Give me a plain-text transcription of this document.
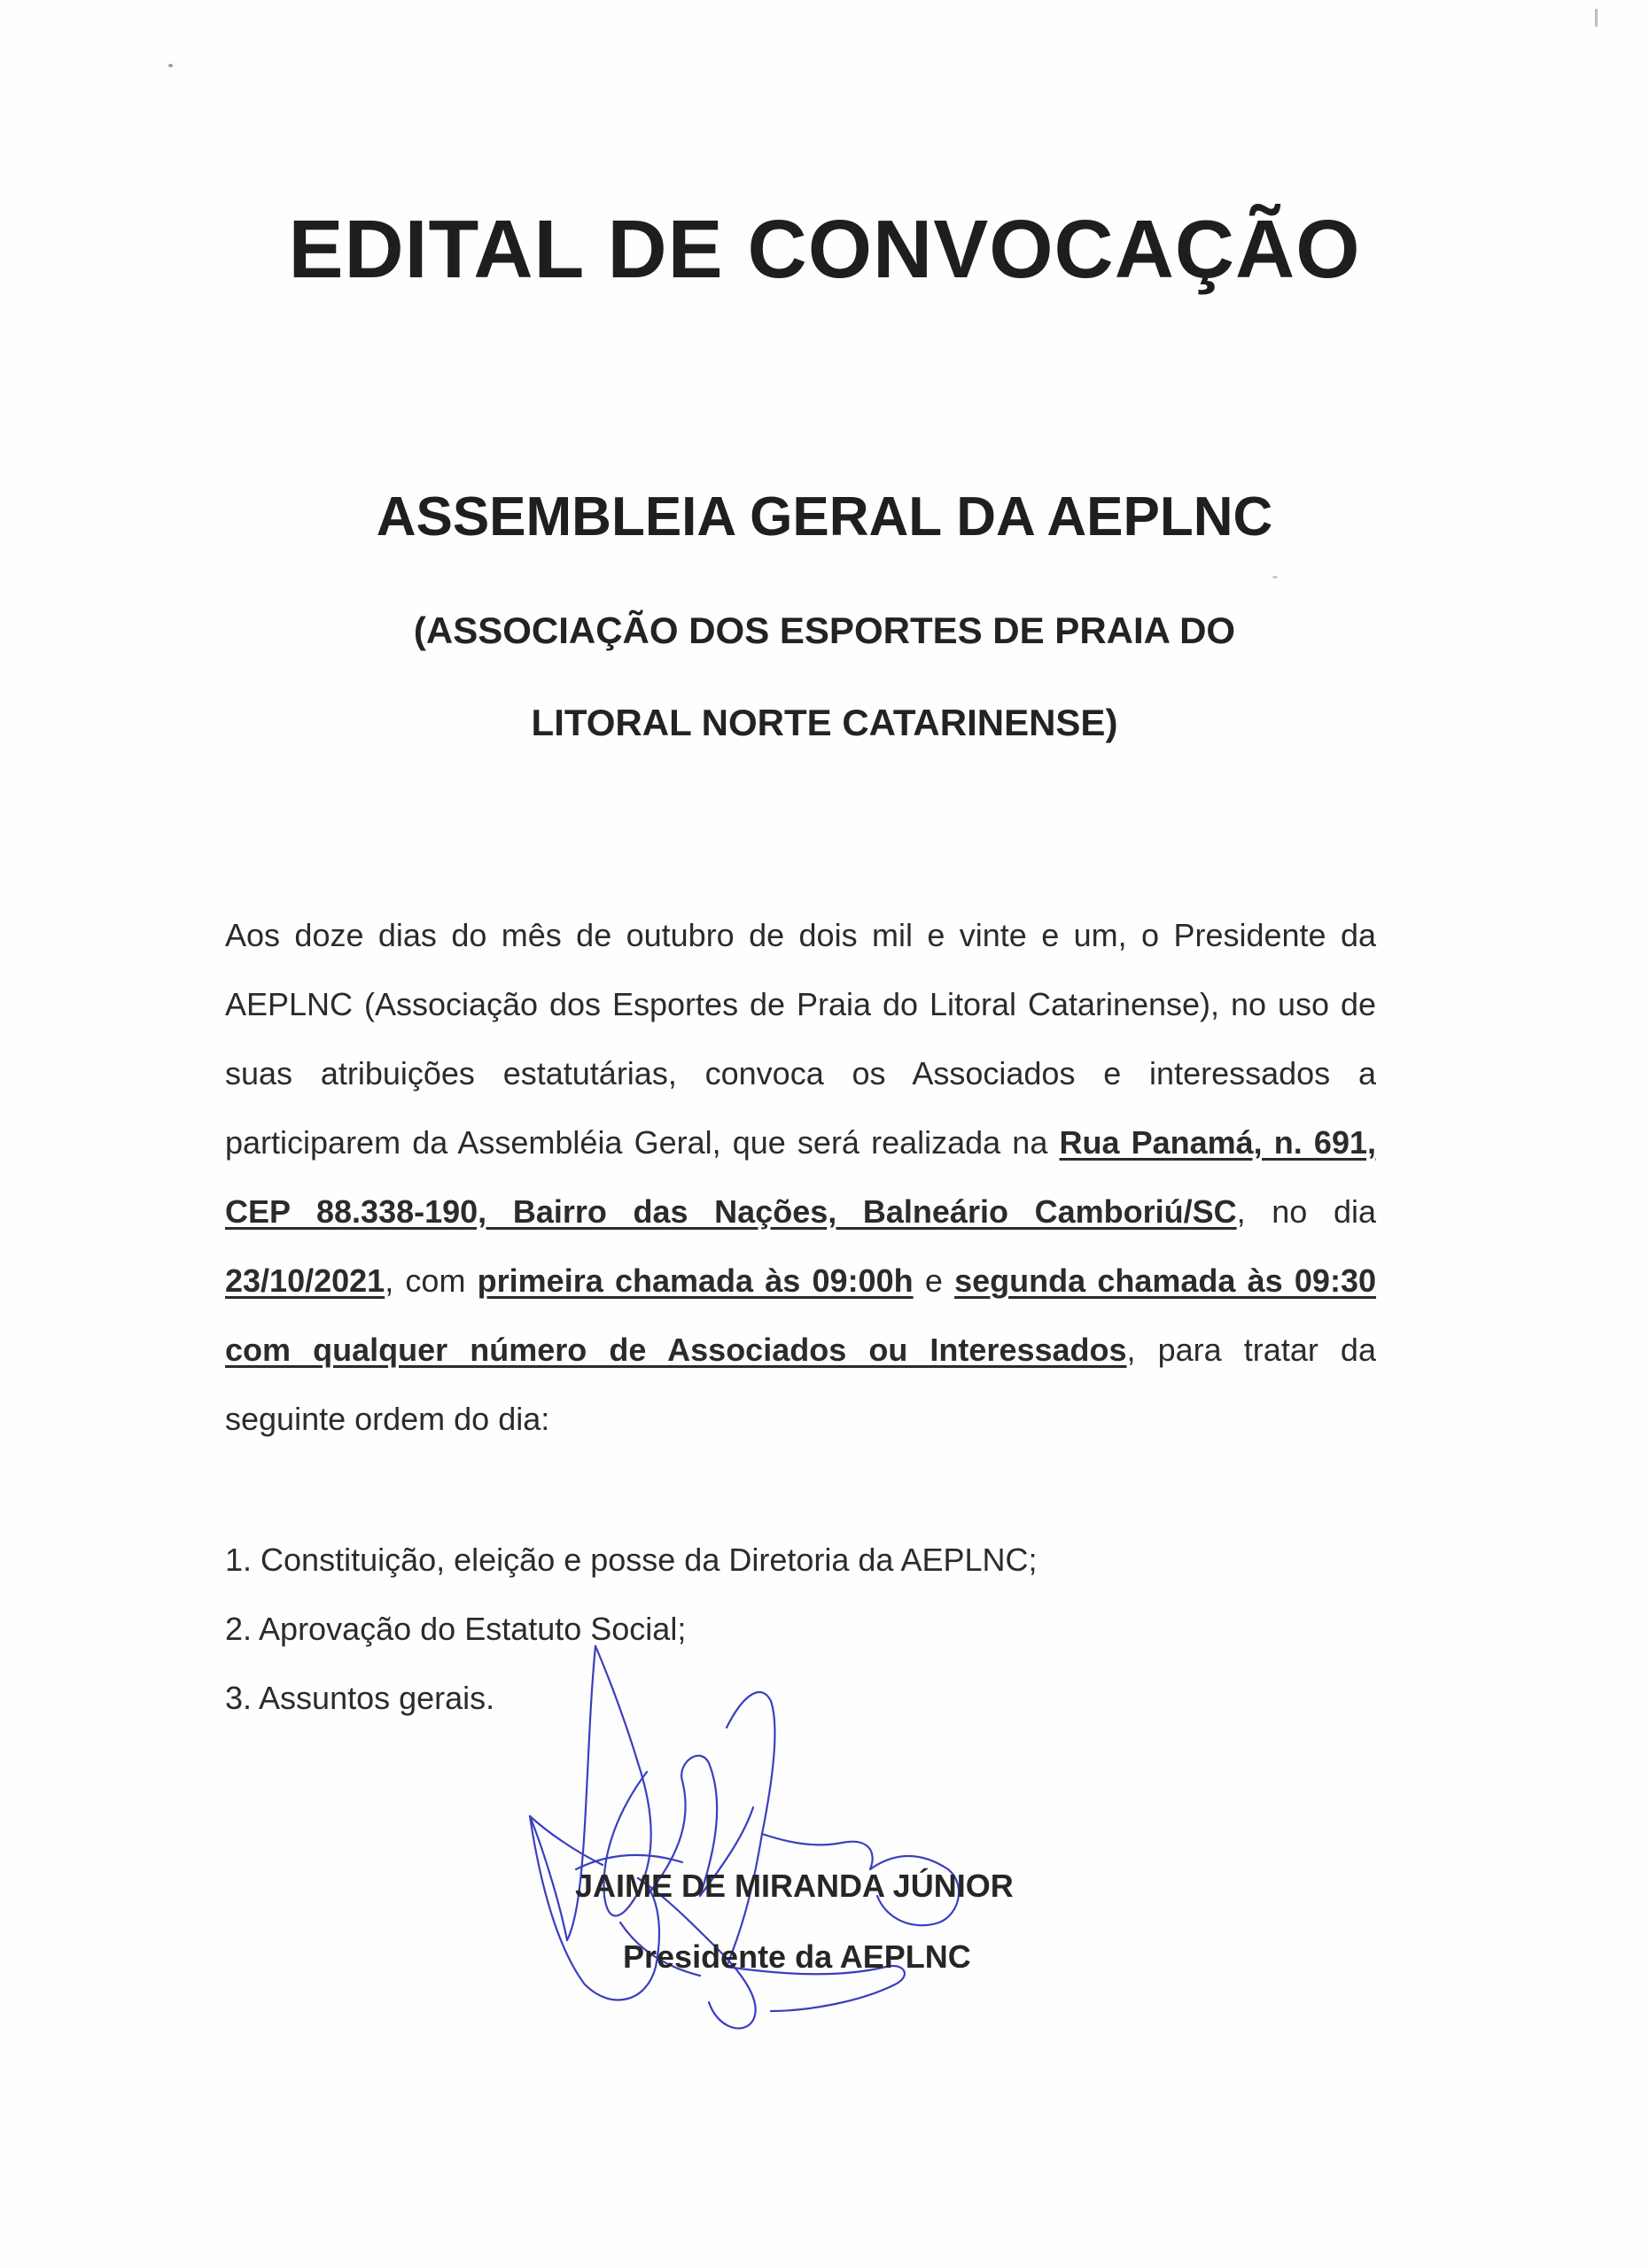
EDITAL DE CONVOCAÇÃO
ASSEMBLEIA GERAL DA AEPLNC
(ASSOCIAÇÃO DOS ESPORTES DE PRAIA DO
LITORAL NORTE CATARINENSE)
Aos doze dias do mês de outubro de dois mil e vinte e um, o Presidente da AEPLNC (Associação dos Esportes de Praia do Litoral Catarinense), no uso de suas atribuições estatutárias, convoca os Associados e interessados a participarem da Assembléia Geral, que será realizada na Rua Panamá, n. 691, CEP 88.338-190, Bairro das Nações, Balneário Camboriú/SC, no dia 23/10/2021, com primeira chamada às 09:00h e segunda chamada às 09:30 com qualquer número de Associados ou Interessados, para tratar da seguinte ordem do dia:
1. Constituição, eleição e posse da Diretoria da AEPLNC;
2. Aprovação do Estatuto Social;
3. Assuntos gerais.
JAIME DE MIRANDA JÚNIOR
Presidente da AEPLNC
